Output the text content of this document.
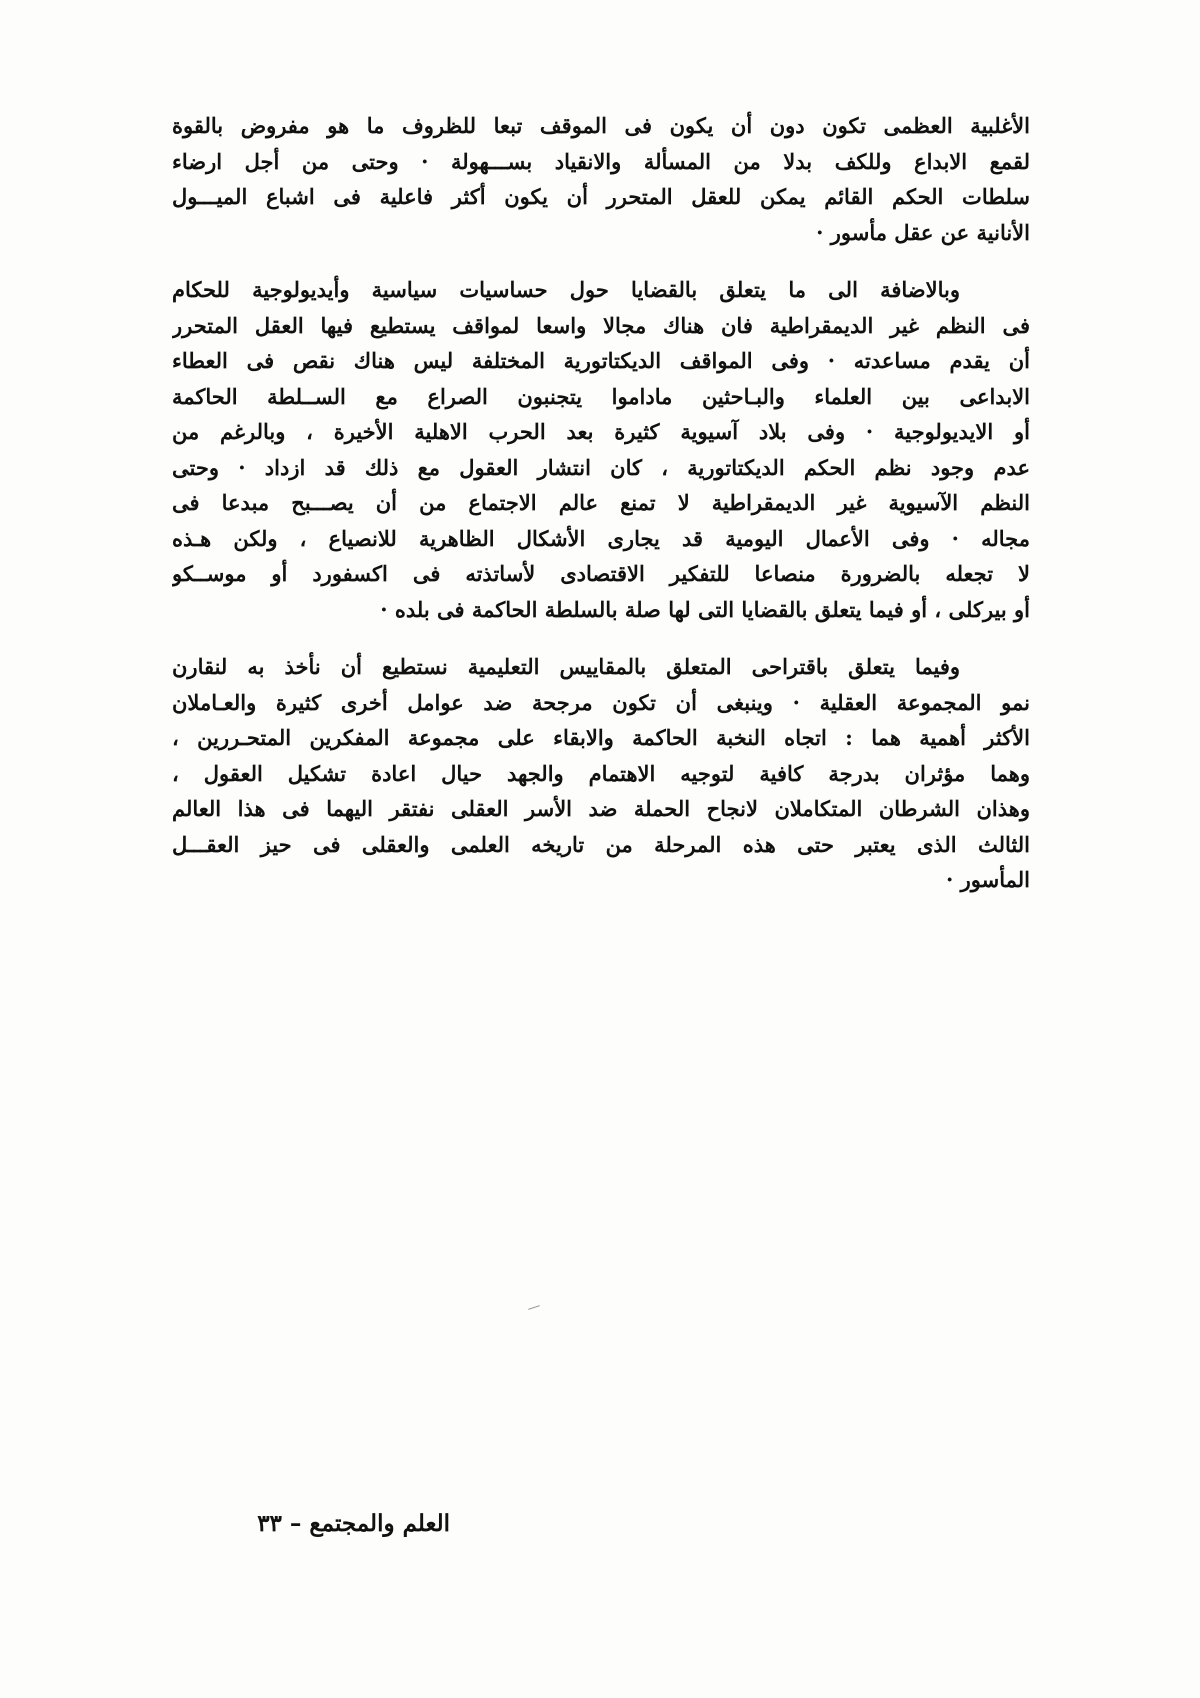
الأغلبية العظمى تكون دون أن يكون فى الموقف تبعا للظروف ما هو مفروض بالقوة
لقمع الابداع وللكف بدلا من المسألة والانقياد بســـهولة · وحتى من أجل ارضاء
سلطات الحكم القائم يمكن للعقل المتحرر أن يكون أكثر فاعلية فى اشباع الميـــول
الأنانية عن عقل مأسور ·
وبالاضافة الى ما يتعلق بالقضايا حول حساسيات سياسية وأيديولوجية للحكام
فى النظم غير الديمقراطية فان هناك مجالا واسعا لمواقف يستطيع فيها العقل المتحرر
أن يقدم مساعدته · وفى المواقف الديكتاتورية المختلفة ليس هناك نقص فى العطاء
الابداعى بين العلماء والبـاحثين ماداموا يتجنبون الصراع مع الســلطة الحاكمة
أو الايديولوجية · وفى بلاد آسيوية كثيرة بعد الحرب الاهلية الأخيرة ، وبالرغم من
عدم وجود نظم الحكم الديكتاتورية ، كان انتشار العقول مع ذلك قد ازداد · وحتى
النظم الآسيوية غير الديمقراطية لا تمنع عالم الاجتماع من أن يصـــبح مبدعا فى
مجاله · وفى الأعمال اليومية قد يجارى الأشكال الظاهرية للانصياع ، ولكن هـذه
لا تجعله بالضرورة منصاعا للتفكير الاقتصادى لأساتذته فى اكسفورد أو موســكو
أو بيركلى ، أو فيما يتعلق بالقضايا التى لها صلة بالسلطة الحاكمة فى بلده ·
وفيما يتعلق باقتراحى المتعلق بالمقاييس التعليمية نستطيع أن نأخذ به لنقارن
نمو المجموعة العقلية · وينبغى أن تكون مرجحة ضد عوامل أخرى كثيرة والعـاملان
الأكثر أهمية هما : اتجاه النخبة الحاكمة والابقاء على مجموعة المفكرين المتحـررين ،
وهما مؤثران بدرجة كافية لتوجيه الاهتمام والجهد حيال اعادة تشكيل العقول ،
وهذان الشرطان المتكاملان لانجاح الحملة ضد الأسر العقلى نفتقر اليهما فى هذا العالم
الثالث الذى يعتبر حتى هذه المرحلة من تاريخه العلمى والعقلى فى حيز العقـــل
المأسور ·
العلم والمجتمع – ٣٣
